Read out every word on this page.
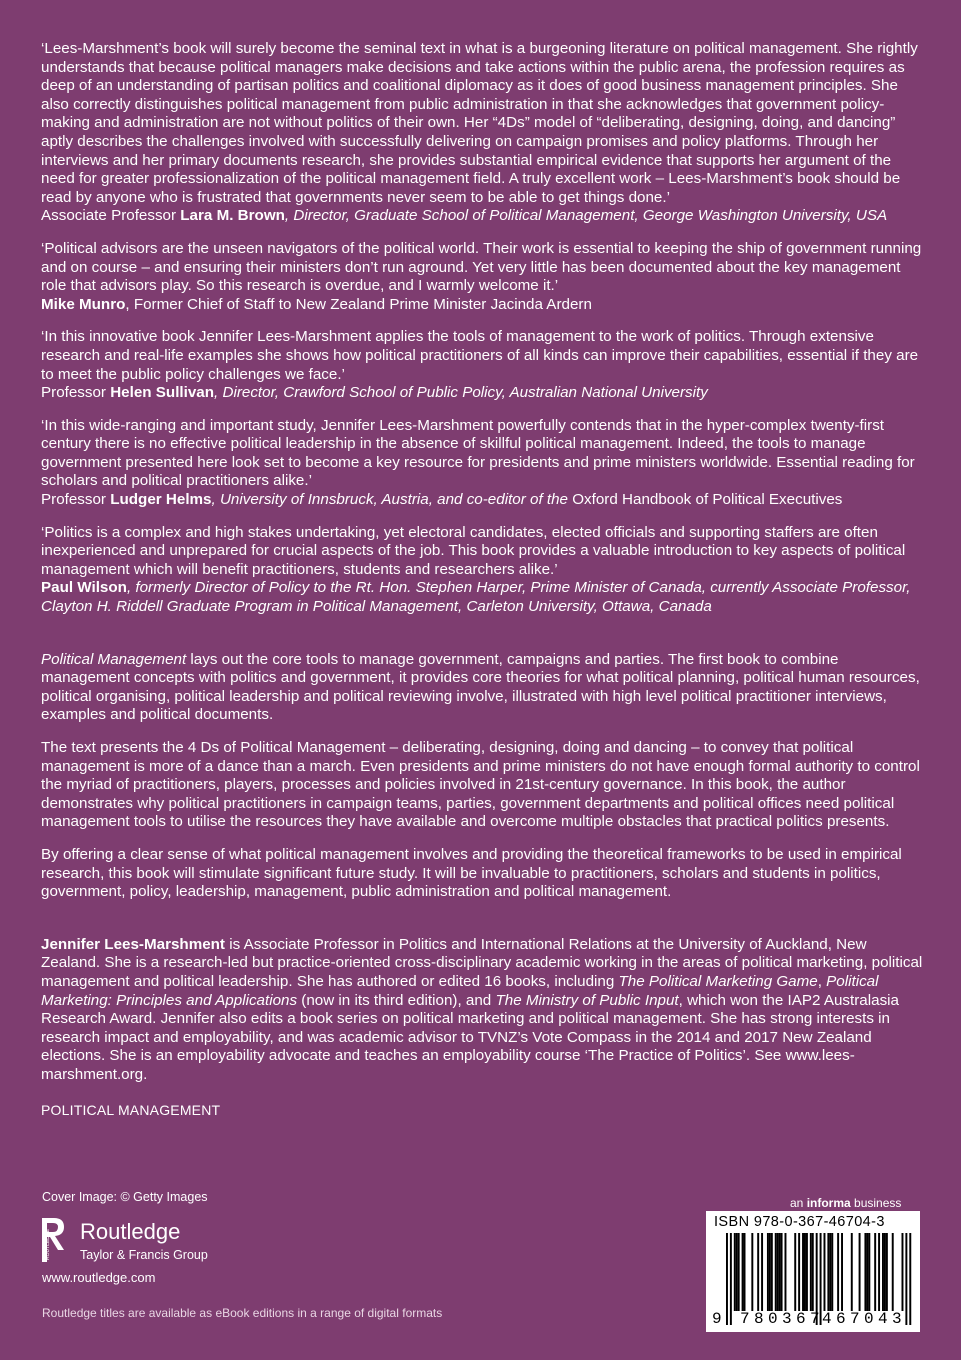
‘Lees-Marshment’s book will surely become the seminal text in what is a burgeoning literature on political management. She rightly understands that because political managers make decisions and take actions within the public arena, the profession requires as deep of an understanding of partisan politics and coalitional diplomacy as it does of good business management principles. She also correctly distinguishes political management from public administration in that she acknowledges that government policy-making and administration are not without politics of their own. Her “4Ds” model of “deliberating, designing, doing, and dancing” aptly describes the challenges involved with successfully delivering on campaign promises and policy platforms. Through her interviews and her primary documents research, she provides substantial empirical evidence that supports her argument of the need for greater professionalization of the political management field. A truly excellent work – Lees-Marshment’s book should be read by anyone who is frustrated that governments never seem to be able to get things done.’

Associate Professor Lara M. Brown, Director, Graduate School of Political Management, George Washington University, USA

‘Political advisors are the unseen navigators of the political world. Their work is essential to keeping the ship of government running and on course – and ensuring their ministers don’t run aground. Yet very little has been documented about the key management role that advisors play. So this research is overdue, and I warmly welcome it.’

Mike Munro, Former Chief of Staff to New Zealand Prime Minister Jacinda Ardern

‘In this innovative book Jennifer Lees-Marshment applies the tools of management to the work of politics. Through extensive research and real-life examples she shows how political practitioners of all kinds can improve their capabilities, essential if they are to meet the public policy challenges we face.’

Professor Helen Sullivan, Director, Crawford School of Public Policy, Australian National University

‘In this wide-ranging and important study, Jennifer Lees-Marshment powerfully contends that in the hyper-complex twenty-first century there is no effective political leadership in the absence of skillful political management. Indeed, the tools to manage government presented here look set to become a key resource for presidents and prime ministers worldwide. Essential reading for scholars and political practitioners alike.’

Professor Ludger Helms, University of Innsbruck, Austria, and co-editor of the Oxford Handbook of Political Executives

‘Politics is a complex and high stakes undertaking, yet electoral candidates, elected officials and supporting staffers are often inexperienced and unprepared for crucial aspects of the job. This book provides a valuable introduction to key aspects of political management which will benefit practitioners, students and researchers alike.’

Paul Wilson, formerly Director of Policy to the Rt. Hon. Stephen Harper, Prime Minister of Canada, currently Associate Professor, Clayton H. Riddell Graduate Program in Political Management, Carleton University, Ottawa, Canada

Political Management lays out the core tools to manage government, campaigns and parties. The first book to combine management concepts with politics and government, it provides core theories for what political planning, political human resources, political organising, political leadership and political reviewing involve, illustrated with high level political practitioner interviews, examples and political documents.

The text presents the 4 Ds of Political Management – deliberating, designing, doing and dancing – to convey that political management is more of a dance than a march. Even presidents and prime ministers do not have enough formal authority to control the myriad of practitioners, players, processes and policies involved in 21st-century governance. In this book, the author demonstrates why political practitioners in campaign teams, parties, government departments and political offices need political management tools to utilise the resources they have available and overcome multiple obstacles that practical politics presents.

By offering a clear sense of what political management involves and providing the theoretical frameworks to be used in empirical research, this book will stimulate significant future study. It will be invaluable to practitioners, scholars and students in politics, government, policy, leadership, management, public administration and political management.

Jennifer Lees-Marshment is Associate Professor in Politics and International Relations at the University of Auckland, New Zealand. She is a research-led but practice-oriented cross-disciplinary academic working in the areas of political marketing, political management and political leadership. She has authored or edited 16 books, including The Political Marketing Game, Political Marketing: Principles and Applications (now in its third edition), and The Ministry of Public Input, which won the IAP2 Australasia Research Award. Jennifer also edits a book series on political marketing and political management. She has strong interests in research impact and employability, and was academic advisor to TVNZ’s Vote Compass in the 2014 and 2017 New Zealand elections. She is an employability advocate and teaches an employability course ‘The Practice of Politics’. See www.lees-marshment.org.

POLITICAL MANAGEMENT
Cover Image: © Getty Images
ROUTLEDGE Routledge
Taylor & Francis Group
www.routledge.com
Routledge titles are available as eBook editions in a range of digital formats
an informa business
ISBN 978-0-367-46704-3
9 780367
467043
